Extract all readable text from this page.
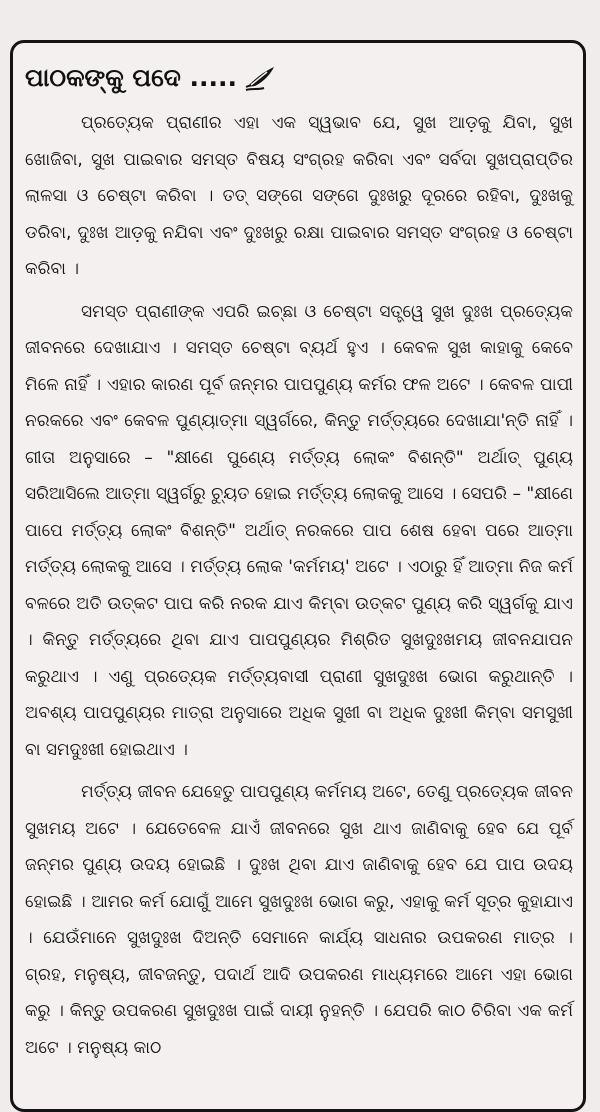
ପାଠକଙ୍କୁ ପଦେ .....

ପ୍ରତ୍ୟେକ ପ୍ରାଣୀର ଏହା ଏକ ସ୍ୱଭାବ ଯେ, ସୁଖ ଆଡ଼କୁ ଯିବା, ସୁଖ ଖୋଜିବା, ସୁଖ ପାଇବାର ସମସ୍ତ ବିଷୟ ସଂଗ୍ରହ କରିବା ଏବଂ ସର୍ବଦା ସୁଖପ୍ରାପ୍ତିର ଲାଳସା ଓ ଚେଷ୍ଟା କରିବା । ତତ୍ ସଙ୍ଗେ ସଙ୍ଗେ ଦୁଃଖରୁ ଦୂରରେ ରହିବା, ଦୁଃଖକୁ ଡରିବା, ଦୁଃଖ ଆଡ଼କୁ ନଯିବା ଏବଂ ଦୁଃଖରୁ ରକ୍ଷା ପାଇବାର ସମସ୍ତ ସଂଗ୍ରହ ଓ ଚେଷ୍ଟା କରିବା ।

ସମସ୍ତ ପ୍ରାଣୀଙ୍କ ଏପରି ଇଚ୍ଛା ଓ ଚେଷ୍ଟା ସତ୍ତ୍ୱେ ସୁଖ ଦୁଃଖ ପ୍ରତ୍ୟେକ ଜୀବନରେ ଦେଖାଯାଏ । ସମସ୍ତ ଚେଷ୍ଟା ବ୍ୟର୍ଥ ହୁଏ । କେବଳ ସୁଖ କାହାକୁ କେବେ ମିଳେ ନାହିଁ । ଏହାର କାରଣ ପୂର୍ବ ଜନ୍ମର ପାପପୁଣ୍ୟ କର୍ମର ଫଳ ଅଟେ । କେବଳ ପାପୀ ନରକରେ ଏବଂ କେବଳ ପୁଣ୍ୟାତ୍ମା ସ୍ୱର୍ଗରେ, କିନ୍ତୁ ମର୍ତ୍ତ୍ୟରେ ଦେଖାଯା'ନ୍ତି ନାହିଁ । ଗୀତା ଅନୁସାରେ – "କ୍ଷୀଣେ ପୁଣ୍ୟେ ମର୍ତ୍ତ୍ୟ ଲୋକଂ ବିଶନ୍ତି" ଅର୍ଥାତ୍ ପୁଣ୍ୟ ସରିଆସିଲେ ଆତ୍ମା ସ୍ୱର୍ଗରୁ ଚ୍ୟୁତ ହୋଇ ମର୍ତ୍ତ୍ୟ ଲୋକକୁ ଆସେ । ସେପରି – "କ୍ଷୀଣେ ପାପେ ମର୍ତ୍ତ୍ୟ ଲୋକଂ ବିଶନ୍ତି" ଅର୍ଥାତ୍ ନରକରେ ପାପ ଶେଷ ହେବା ପରେ ଆତ୍ମା ମର୍ତ୍ତ୍ୟ ଲୋକକୁ ଆସେ । ମର୍ତ୍ତ୍ୟ ଲୋକ 'କର୍ମମୟ' ଅଟେ । ଏଠାରୁ ହିଁ ଆତ୍ମା ନିଜ କର୍ମ ବଳରେ ଅତି ଉତ୍କଟ ପାପ କରି ନରକ ଯାଏ କିମ୍ବା ଉତ୍କଟ ପୁଣ୍ୟ କରି ସ୍ୱର୍ଗକୁ ଯାଏ । କିନ୍ତୁ ମର୍ତ୍ତ୍ୟରେ ଥିବା ଯାଏ ପାପପୁଣ୍ୟର ମିଶ୍ରିତ ସୁଖଦୁଃଖମୟ ଜୀବନଯାପନ କରୁଥାଏ । ଏଣୁ ପ୍ରତ୍ୟେକ ମର୍ତ୍ତ୍ୟବାସୀ ପ୍ରାଣୀ ସୁଖଦୁଃଖ ଭୋଗ କରୁଥାନ୍ତି । ଅବଶ୍ୟ ପାପପୁଣ୍ୟର ମାତ୍ରା ଅନୁସାରେ ଅଧିକ ସୁଖୀ ବା ଅଧିକ ଦୁଃଖୀ କିମ୍ବା ସମସୁଖୀ ବା ସମଦୁଃଖୀ ହୋଇଥାଏ ।

ମର୍ତ୍ତ୍ୟ ଜୀବନ ଯେହେତୁ ପାପପୁଣ୍ୟ କର୍ମମୟ ଅଟେ, ତେଣୁ ପ୍ରତ୍ୟେକ ଜୀବନ ସୁଖମୟ ଅଟେ । ଯେତେବେଳ ଯାଏଁ ଜୀବନରେ ସୁଖ ଥାଏ ଜାଣିବାକୁ ହେବ ଯେ ପୂର୍ବ ଜନ୍ମର ପୁଣ୍ୟ ଉଦୟ ହୋଇଛି । ଦୁଃଖ ଥିବା ଯାଏ ଜାଣିବାକୁ ହେବ ଯେ ପାପ ଉଦୟ ହୋଇଛି । ଆମର କର୍ମ ଯୋଗୁଁ ଆମେ ସୁଖଦୁଃଖ ଭୋଗ କରୁ, ଏହାକୁ କର୍ମ ସୂତ୍ର କୁହାଯାଏ । ଯେଉଁମାନେ ସୁଖଦୁଃଖ ଦିଅନ୍ତି ସେମାନେ କାର୍ଯ୍ୟ ସାଧନାର ଉପକରଣ ମାତ୍ର । ଗ୍ରହ, ମନୁଷ୍ୟ, ଜୀବଜନ୍ତୁ, ପଦାର୍ଥ ଆଦି ଉପକରଣ ମାଧ୍ୟମରେ ଆମେ ଏହା ଭୋଗ କରୁ । କିନ୍ତୁ ଉପକରଣ ସୁଖଦୁଃଖ ପାଇଁ ଦାୟୀ ନୁହନ୍ତି । ଯେପରି କାଠ ଚିରିବା ଏକ କର୍ମ ଅଟେ । ମନୁଷ୍ୟ କାଠ
